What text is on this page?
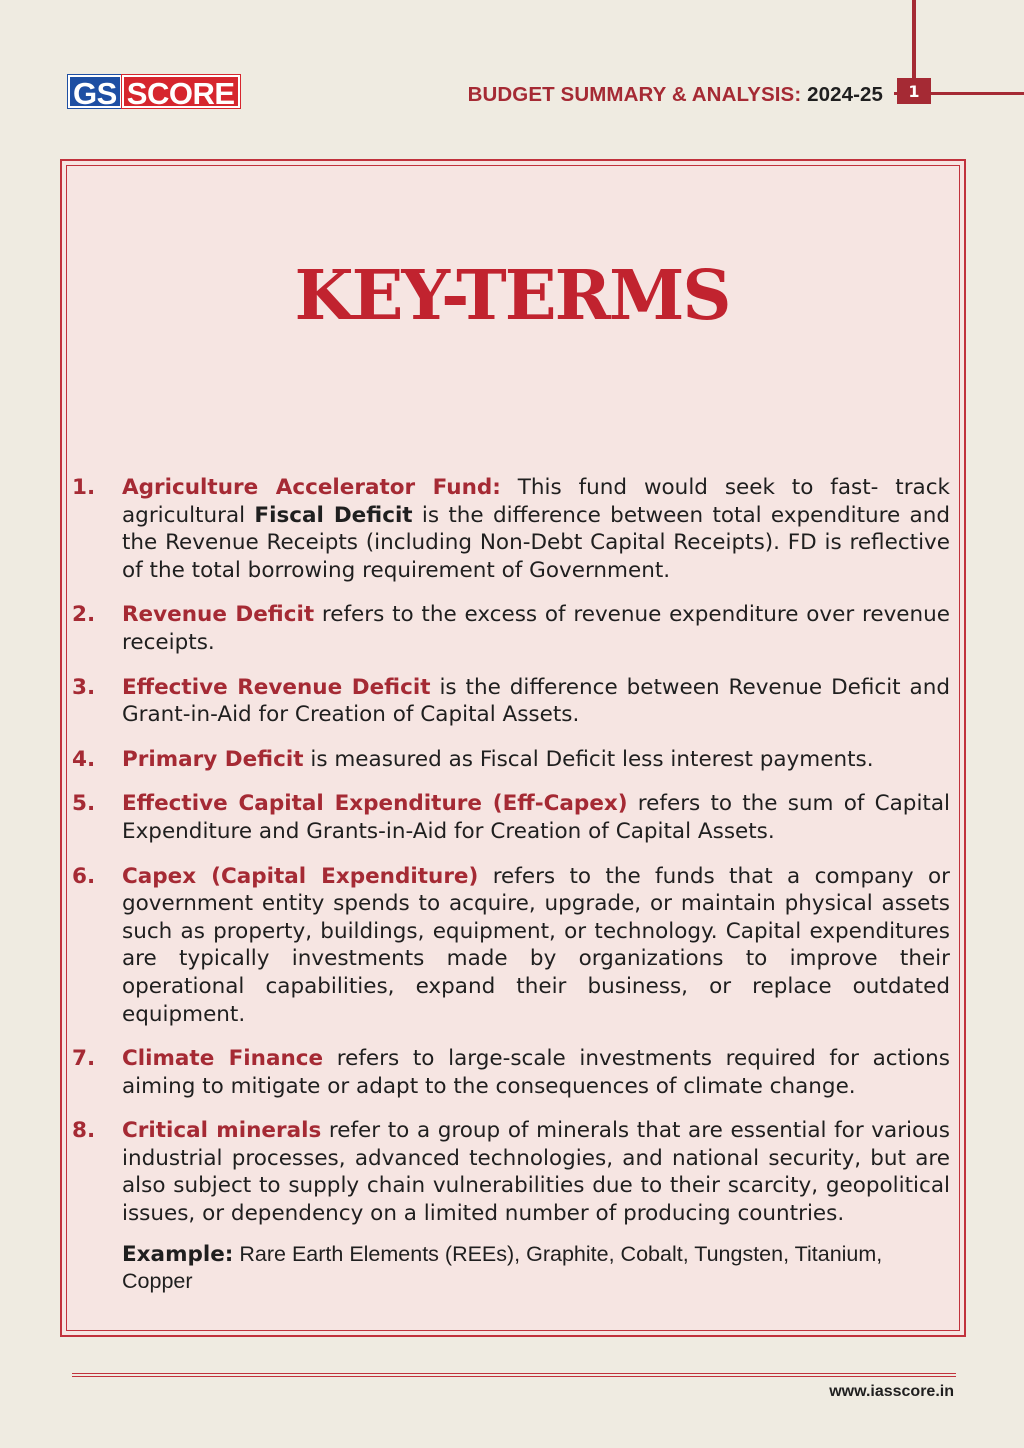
1
GS SCORE	BUDGET SUMMARY & ANALYSIS: 2024-25
KEY-TERMS
1. Agriculture Accelerator Fund: This fund would seek to fast- track agricultural Fiscal Deficit is the difference between total expenditure and the Revenue Receipts (including Non-Debt Capital Receipts). FD is reflective of the total borrowing requirement of Government.
2. Revenue Deficit refers to the excess of revenue expenditure over revenue receipts.
3. Effective Revenue Deficit is the difference between Revenue Deficit and Grant-in-Aid for Creation of Capital Assets.
4. Primary Deficit is measured as Fiscal Deficit less interest payments.
5. Effective Capital Expenditure (Eff-Capex) refers to the sum of Capital Expenditure and Grants-in-Aid for Creation of Capital Assets.
6. Capex (Capital Expenditure) refers to the funds that a company or government entity spends to acquire, upgrade, or maintain physical assets such as property, buildings, equipment, or technology. Capital expenditures are typically investments made by organizations to improve their operational capabilities, expand their business, or replace outdated equipment.
7. Climate Finance refers to large-scale investments required for actions aiming to mitigate or adapt to the consequences of climate change.
8. Critical minerals refer to a group of minerals that are essential for various industrial processes, advanced technologies, and national security, but are also subject to supply chain vulnerabilities due to their scarcity, geopolitical issues, or dependency on a limited number of producing countries.
Example: Rare Earth Elements (REEs), Graphite, Cobalt, Tungsten, Titanium, Copper
www.iasscore.in
